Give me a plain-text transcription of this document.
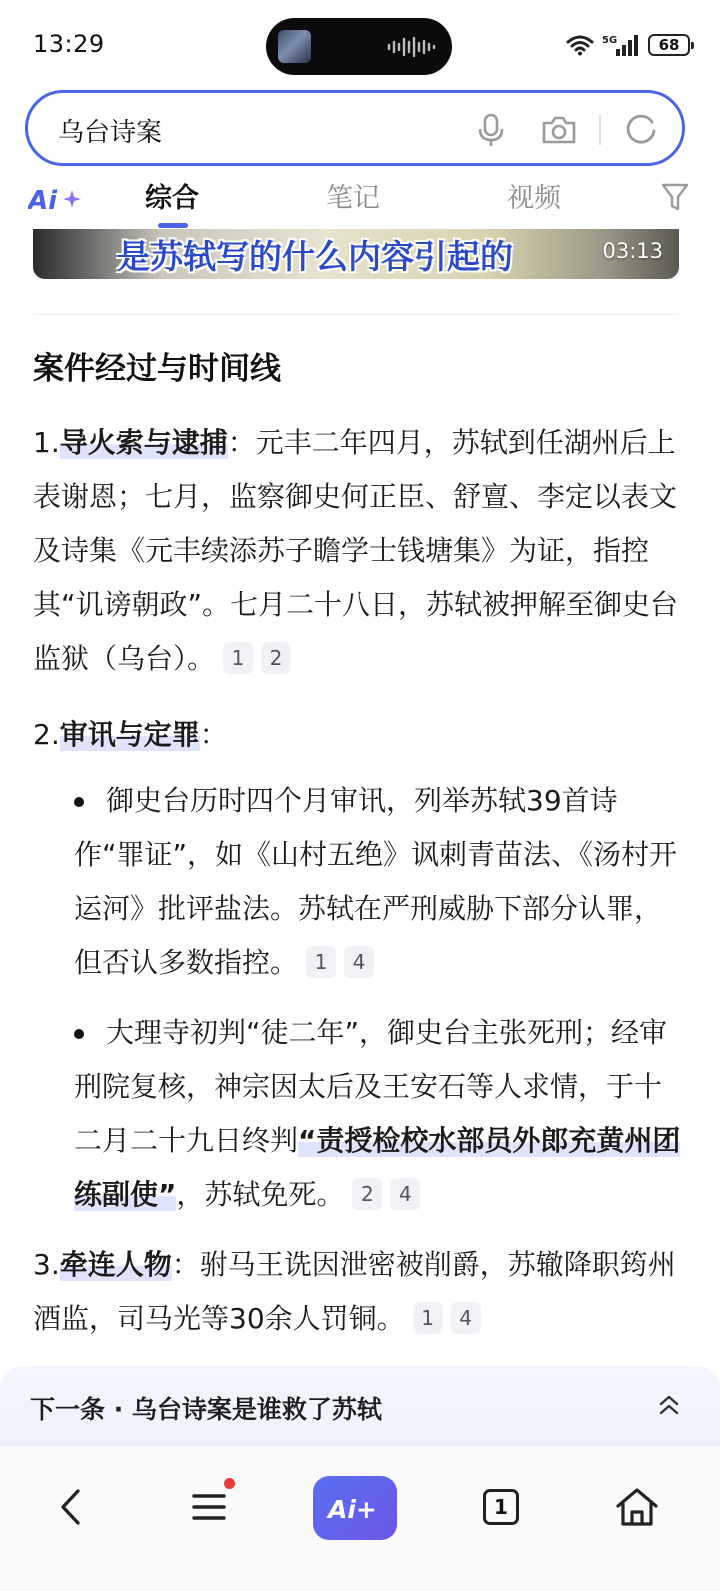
13:29	5G	68
乌台诗案
Ai	综合	笔记	视频
是苏轼写的什么内容引起的	03:13
案件经过与时间线
1.导火索与逮捕：元丰二年四月，苏轼到任湖州后上表谢恩；七月，监察御史何正臣、舒亶、李定以表文及诗集《元丰续添苏子瞻学士钱塘集》为证，指控其“讥谤朝政”。七月二十八日，苏轼被押解至御史台监狱（乌台）。 1 2
2.审讯与定罪：
御史台历时四个月审讯，列举苏轼39首诗作“罪证”，如《山村五绝》讽刺青苗法、《汤村开运河》批评盐法。苏轼在严刑威胁下部分认罪，但否认多数指控。 1 4
大理寺初判“徒二年”，御史台主张死刑；经审刑院复核，神宗因太后及王安石等人求情，于十二月二十九日终判“责授检校水部员外郎充黄州团练副使”，苏轼免死。 2 4
3.牵连人物：驸马王诜因泄密被削爵，苏辙降职筠州酒监，司马光等30余人罚铜。 1 4
下一条 · 乌台诗案是谁救了苏轼
Ai+	1
